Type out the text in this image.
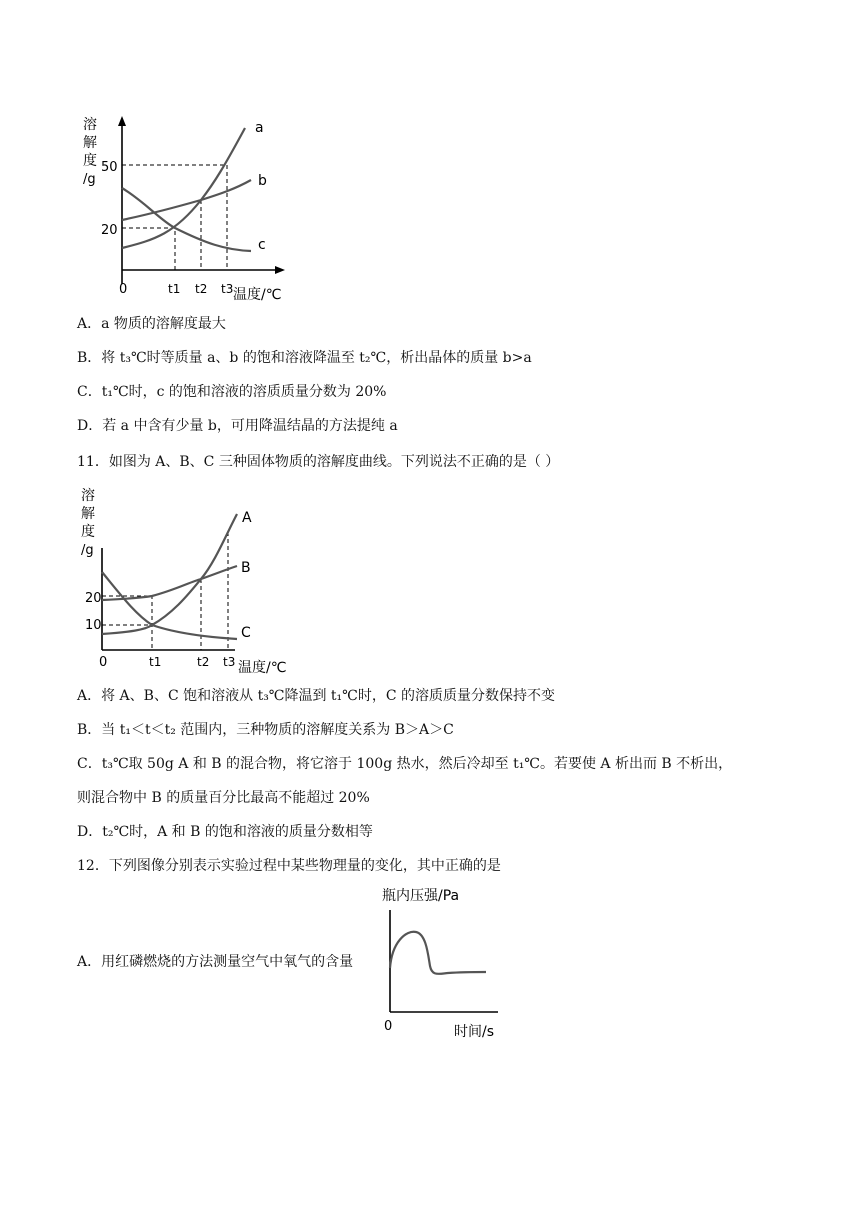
溶
解
度
/g
50
20
0	t1 t2 t3 温度/℃
a
b
c
A．a 物质的溶解度最大
B．将 t₃℃时等质量 a、b 的饱和溶液降温至 t₂℃，析出晶体的质量 b>a
C．t₁℃时，c 的饱和溶液的溶质质量分数为 20%
D．若 a 中含有少量 b，可用降温结晶的方法提纯 a
11．如图为 A、B、C 三种固体物质的溶解度曲线。下列说法不正确的是（ ）
溶
解
度
/g
20
10
0	t1	t2 t3 温度/℃
A
B
C
A．将 A、B、C 饱和溶液从 t₃℃降温到 t₁℃时，C 的溶质质量分数保持不变
B．当 t₁＜t＜t₂ 范围内，三种物质的溶解度关系为 B＞A＞C
C．t₃℃取 50g A 和 B 的混合物，将它溶于 100g 热水，然后冷却至 t₁℃。若要使 A 析出而 B 不析出，
则混合物中 B 的质量百分比最高不能超过 20%
D．t₂℃时，A 和 B 的饱和溶液的质量分数相等
12．下列图像分别表示实验过程中某些物理量的变化，其中正确的是
A．用红磷燃烧的方法测量空气中氧气的含量
瓶内压强/Pa
0	时间/s
